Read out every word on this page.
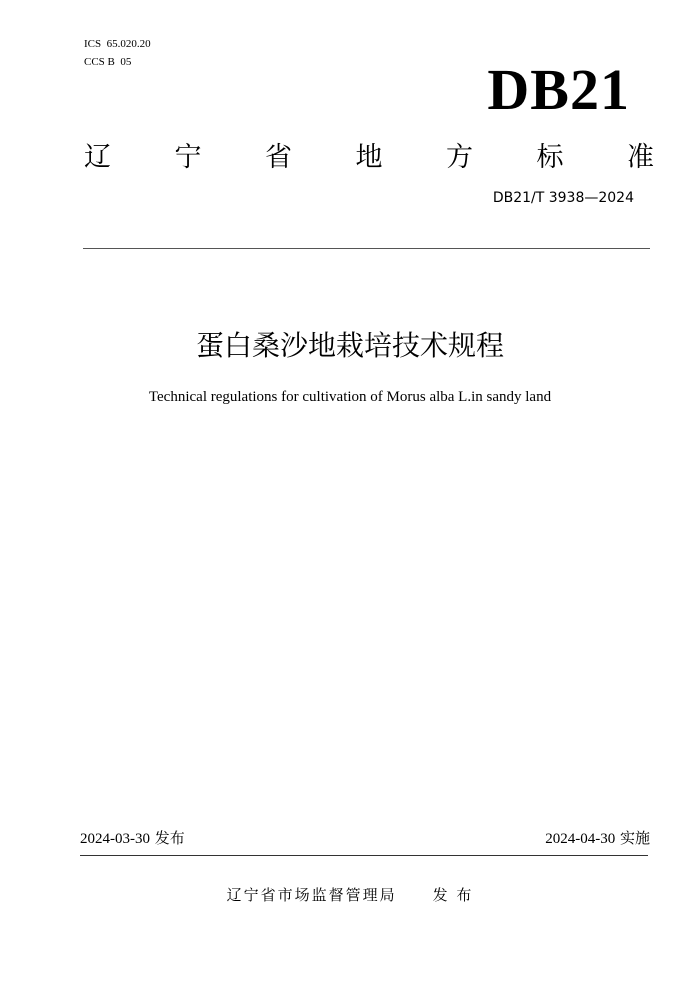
ICS  65.020.20
CCS B  05	DB21
辽 宁 省 地 方 标 准
DB21/T 3938—2024
蛋白桑沙地栽培技术规程
Technical regulations for cultivation of Morus alba L.in sandy land
2024-03-30 发布	2024-04-30 实施
辽宁省市场监督管理局 发 布
